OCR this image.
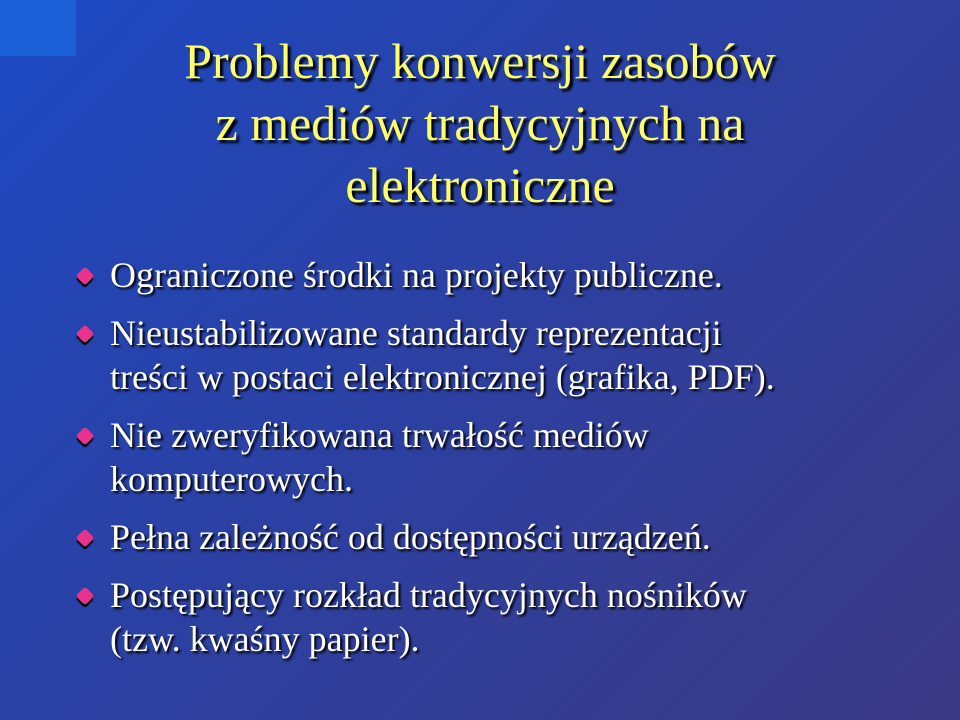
Problemy konwersji zasobów
z mediów tradycyjnych na
elektroniczne
Ograniczone środki na projekty publiczne.
Nieustabilizowane standardy reprezentacji
treści w postaci elektronicznej (grafika, PDF).
Nie zweryfikowana trwałość mediów
komputerowych.
Pełna zależność od dostępności urządzeń.
Postępujący rozkład tradycyjnych nośników
(tzw. kwaśny papier).
